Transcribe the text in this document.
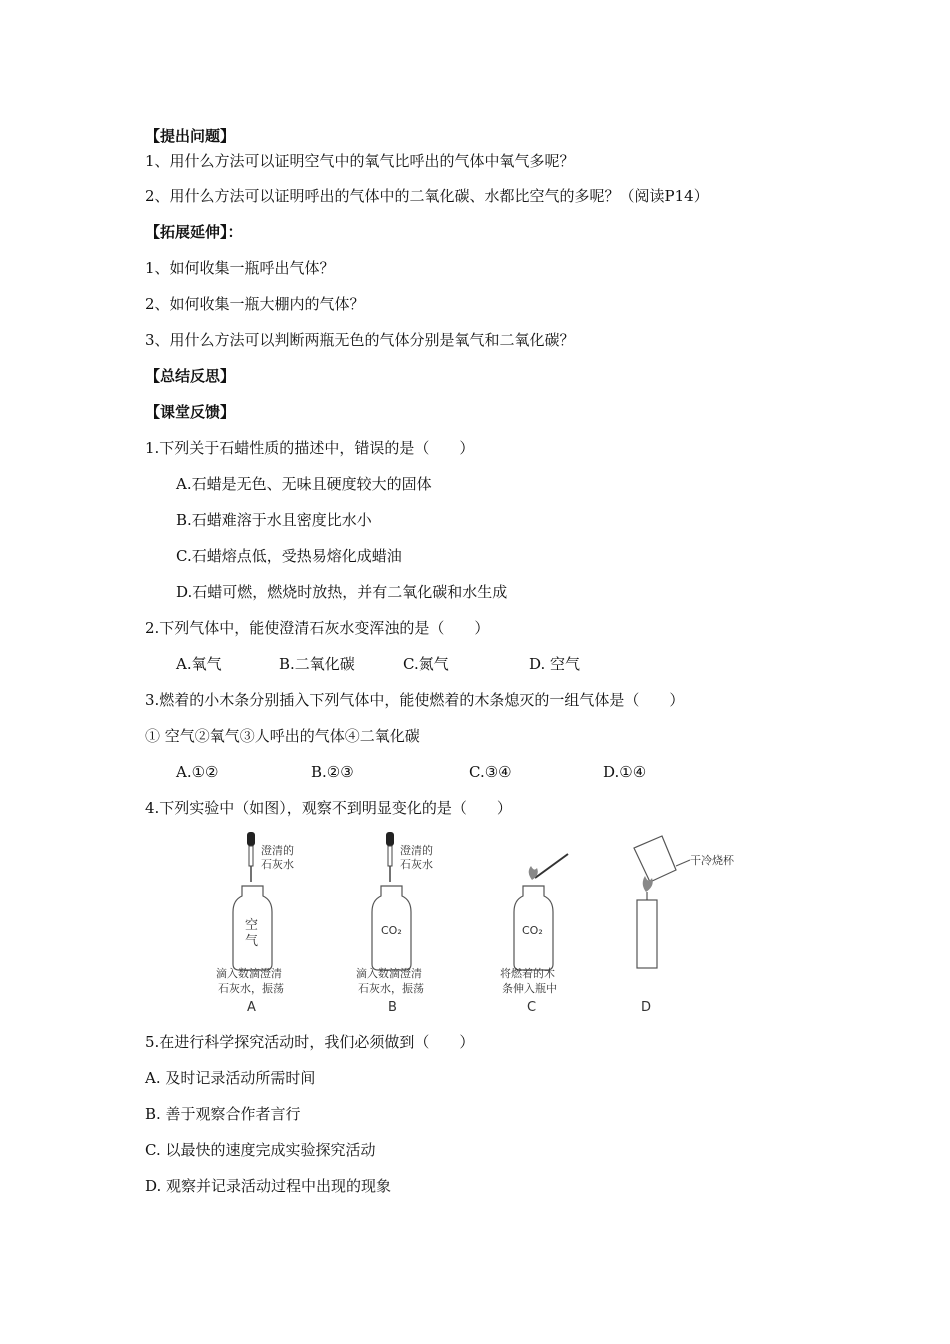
【提出问题】
1、用什么方法可以证明空气中的氧气比呼出的气体中氧气多呢？
2、用什么方法可以证明呼出的气体中的二氧化碳、水都比空气的多呢？（阅读P14）
【拓展延伸】：
1、如何收集一瓶呼出气体？
2、如何收集一瓶大棚内的气体？
3、用什么方法可以判断两瓶无色的气体分别是氧气和二氧化碳？
【总结反思】
【课堂反馈】
1.下列关于石蜡性质的描述中，错误的是（　　）
A.石蜡是无色、无味且硬度较大的固体
B.石蜡难溶于水且密度比水小
C.石蜡熔点低，受热易熔化成蜡油
D.石蜡可燃，燃烧时放热，并有二氧化碳和水生成
2.下列气体中，能使澄清石灰水变浑浊的是（　　）
A.氧气	B.二氧化碳	C.氮气	D. 空气
3.燃着的小木条分别插入下列气体中，能使燃着的木条熄灭的一组气体是（　　）
① 空气②氧气③人呼出的气体④二氧化碳
A.①②	B.②③	C.③④	D.①④
4.下列实验中（如图），观察不到明显变化的是（　　）
澄清的
石灰水
空
气
滴入数滴澄清
石灰水，振荡
A
澄清的
石灰水
CO₂
滴入数滴澄清
石灰水，振荡
B
CO₂
将燃着的木
条伸入瓶中
C
干冷烧杯
D
5.在进行科学探究活动时，我们必须做到（　　）
A. 及时记录活动所需时间
B. 善于观察合作者言行
C. 以最快的速度完成实验探究活动
D. 观察并记录活动过程中出现的现象
